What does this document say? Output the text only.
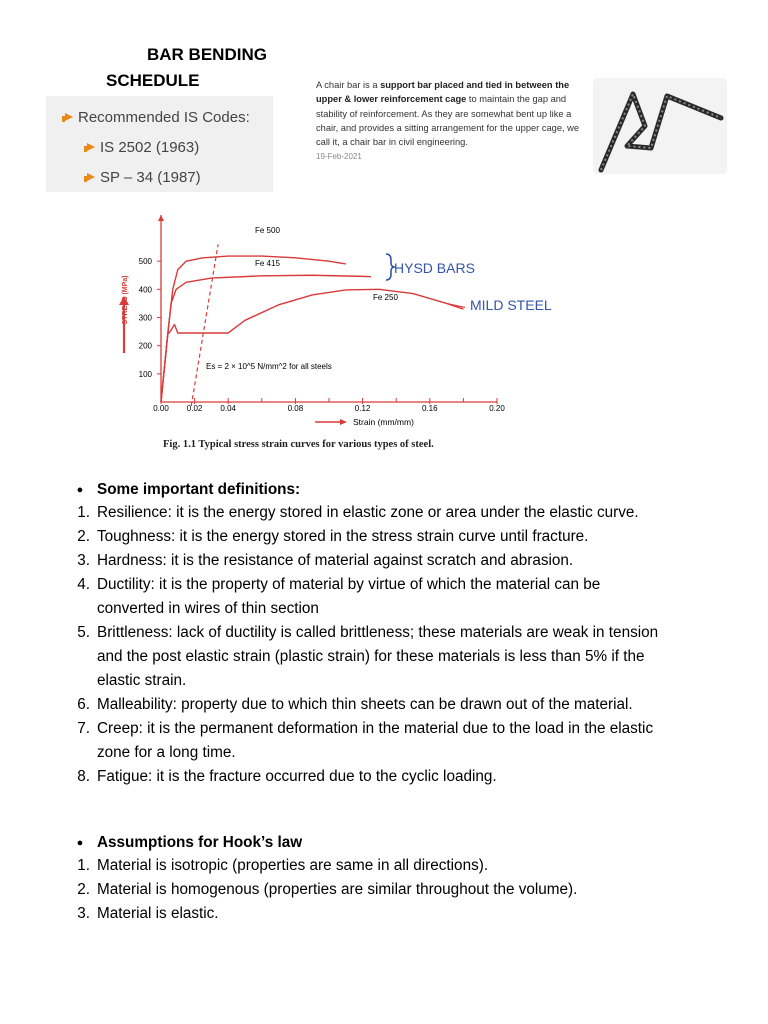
BAR BENDING
SCHEDULE
Recommended IS Codes:
IS 2502 (1963)
SP – 34 (1987)
A chair bar is a support bar placed and tied in between the upper & lower reinforcement cage to maintain the gap and stability of reinforcement. As they are somewhat bent up like a chair, and provides a sitting arrangement for the upper cage, we call it, a chair bar in civil engineering.
19-Feb-2021
100
200
300
400
500
0.00 0.02 0.04	0.08	0.12	0.16	0.20
Fe 500
Fe 415
Fe 250
Es = 2 × 10^5 N/mm^2 for all steels
STRESS (MPa)
Strain (mm/mm)
HYSD BARS
MILD STEEL
Fig. 1.1 Typical stress strain curves for various types of steel.
● Some important definitions:
1. Resilience: it is the energy stored in elastic zone or area under the elastic curve.
2. Toughness: it is the energy stored in the stress strain curve until fracture.
3. Hardness: it is the resistance of material against scratch and abrasion.
4. Ductility: it is the property of material by virtue of which the material can be
converted in wires of thin section
5. Brittleness: lack of ductility is called brittleness; these materials are weak in tension
and the post elastic strain (plastic strain) for these materials is less than 5% if the
elastic strain.
6. Malleability: property due to which thin sheets can be drawn out of the material.
7. Creep: it is the permanent deformation in the material due to the load in the elastic
zone for a long time.
8. Fatigue: it is the fracture occurred due to the cyclic loading.
● Assumptions for Hook’s law
1. Material is isotropic (properties are same in all directions).
2. Material is homogenous (properties are similar throughout the volume).
3. Material is elastic.
